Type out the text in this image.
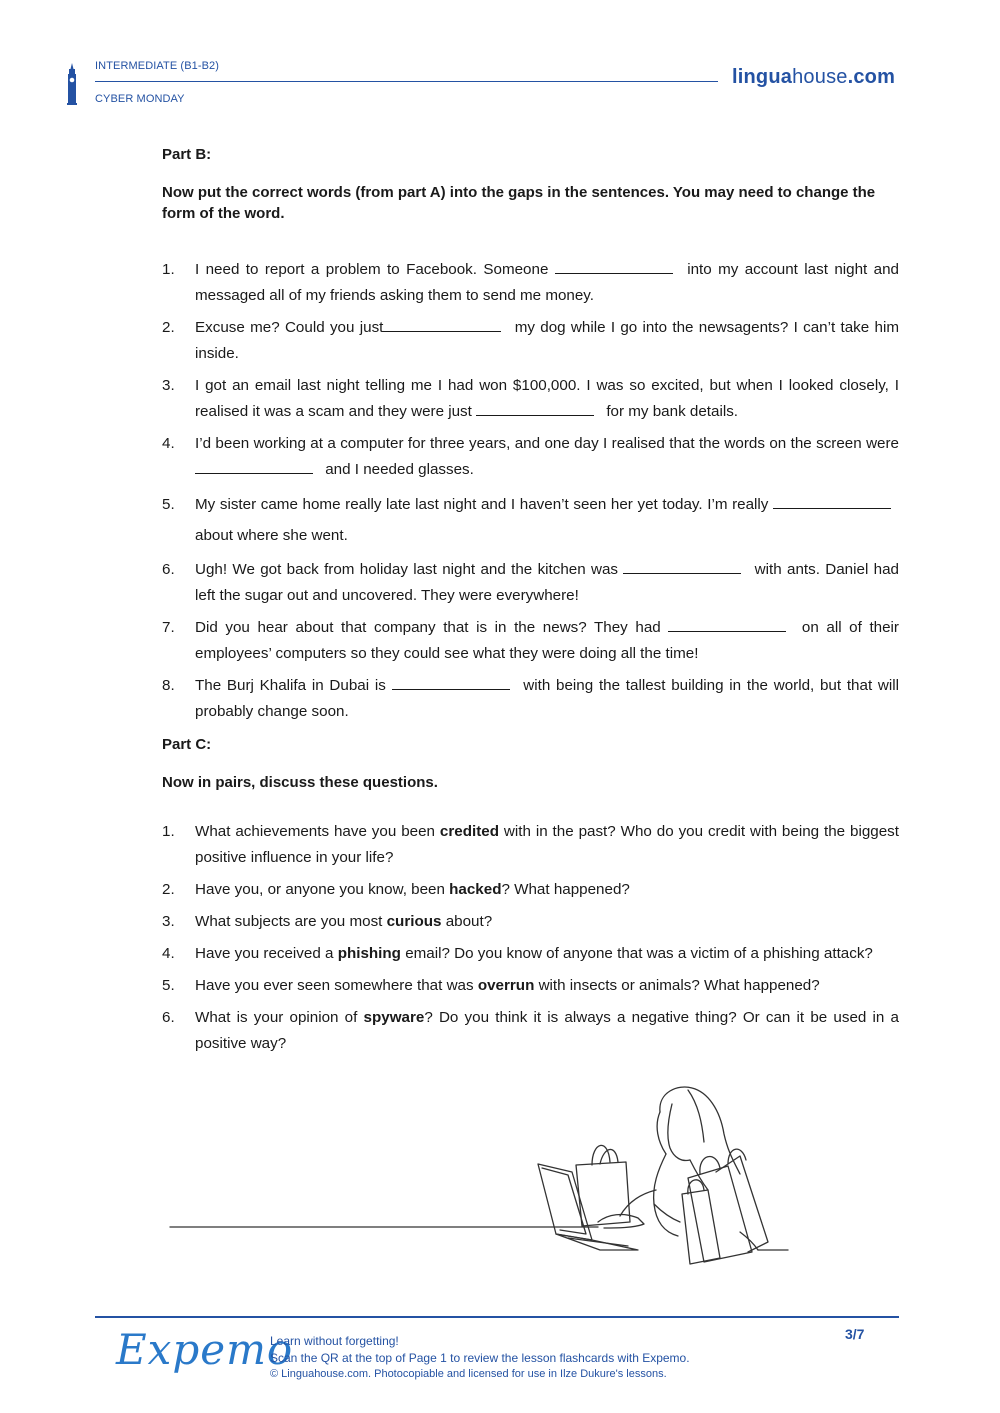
INTERMEDIATE (B1-B2)
CYBER MONDAY
linguahouse.com
Part B:
Now put the correct words (from part A) into the gaps in the sentences. You may need to change the form of the word.
1. I need to report a problem to Facebook. Someone	into my account last night and messaged all of my friends asking them to send me money.
2. Excuse me? Could you just	my dog while I go into the newsagents? I can’t take him inside.
3. I got an email last night telling me I had won $100,000. I was so excited, but when I looked closely, I realised it was a scam and they were just	for my bank details.
4. I’d been working at a computer for three years, and one day I realised that the words on the screen were  and I needed glasses.
5. My sister came home really late last night and I haven’t seen her yet today. I’m really  about where she went.
6. Ugh! We got back from holiday last night and the kitchen was	with ants. Daniel had left the sugar out and uncovered. They were everywhere!
7. Did you hear about that company that is in the news? They had	on all of their employees’ computers so they could see what they were doing all the time!
8. The Burj Khalifa in Dubai is	with being the tallest building in the world, but that will probably change soon.
Part C:
Now in pairs, discuss these questions.
1. What achievements have you been credited with in the past? Who do you credit with being the biggest positive influence in your life?
2. Have you, or anyone you know, been hacked? What happened?
3. What subjects are you most curious about?
4. Have you received a phishing email? Do you know of anyone that was a victim of a phishing attack?
5. Have you ever seen somewhere that was overrun with insects or animals? What happened?
6. What is your opinion of spyware? Do you think it is always a negative thing? Or can it be used in a positive way?
Expemo
Learn without forgetting!
Scan the QR at the top of Page 1 to review the lesson flashcards with Expemo.
© Linguahouse.com. Photocopiable and licensed for use in Ilze Dukure's lessons.
3/7
